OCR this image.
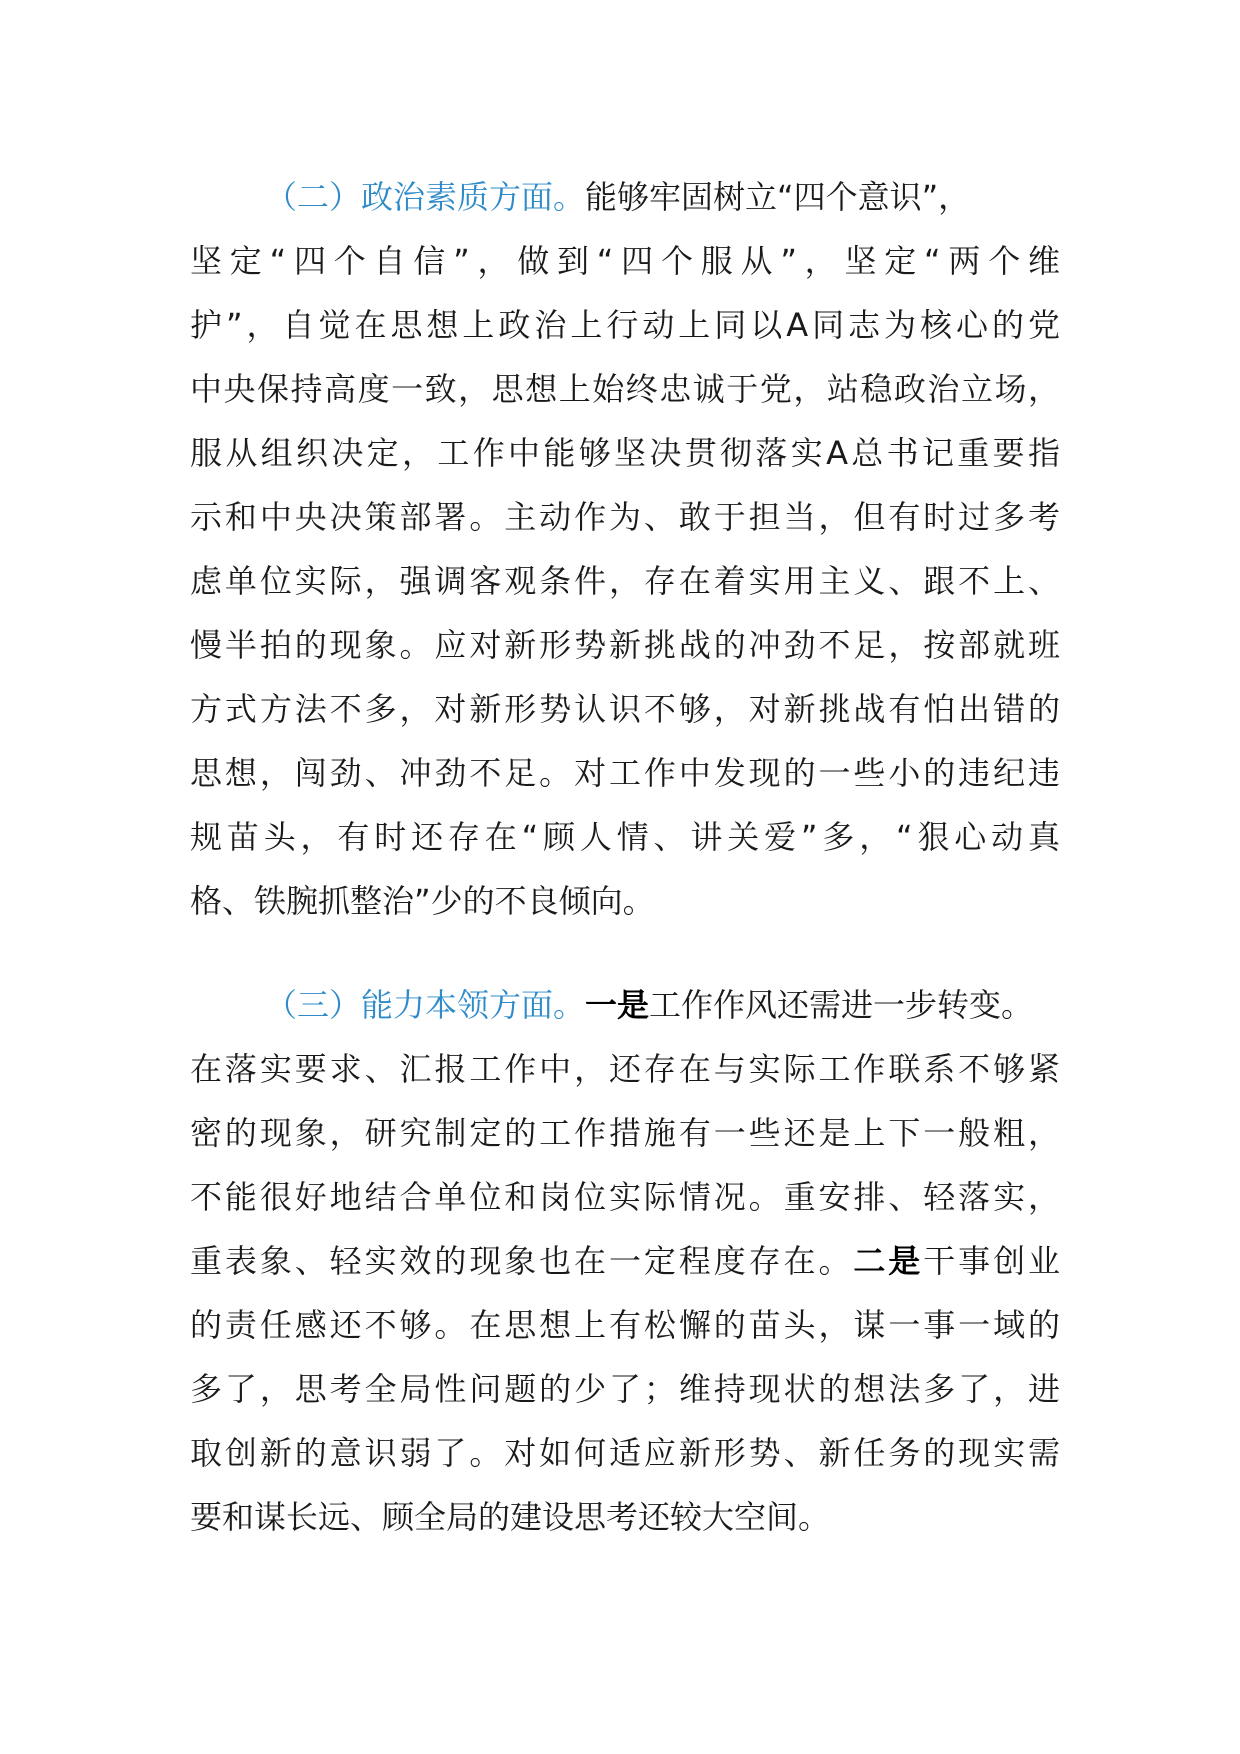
（二）政治素质方面。能够牢固树立“四个意识”，
坚定“四个自信”，做到“四个服从”，坚定“两个维
护”，自觉在思想上政治上行动上同以A同志为核心的党
中央保持高度一致，思想上始终忠诚于党，站稳政治立场，
服从组织决定，工作中能够坚决贯彻落实A总书记重要指
示和中央决策部署。主动作为、敢于担当，但有时过多考
虑单位实际，强调客观条件，存在着实用主义、跟不上、
慢半拍的现象。应对新形势新挑战的冲劲不足，按部就班
方式方法不多，对新形势认识不够，对新挑战有怕出错的
思想，闯劲、冲劲不足。对工作中发现的一些小的违纪违
规苗头，有时还存在“顾人情、讲关爱”多，“狠心动真
格、铁腕抓整治”少的不良倾向。
（三）能力本领方面。一是工作作风还需进一步转变。
在落实要求、汇报工作中，还存在与实际工作联系不够紧
密的现象，研究制定的工作措施有一些还是上下一般粗，
不能很好地结合单位和岗位实际情况。重安排、轻落实，
重表象、轻实效的现象也在一定程度存在。二是干事创业
的责任感还不够。在思想上有松懈的苗头，谋一事一域的
多了，思考全局性问题的少了；维持现状的想法多了，进
取创新的意识弱了。对如何适应新形势、新任务的现实需
要和谋长远、顾全局的建设思考还较大空间。
